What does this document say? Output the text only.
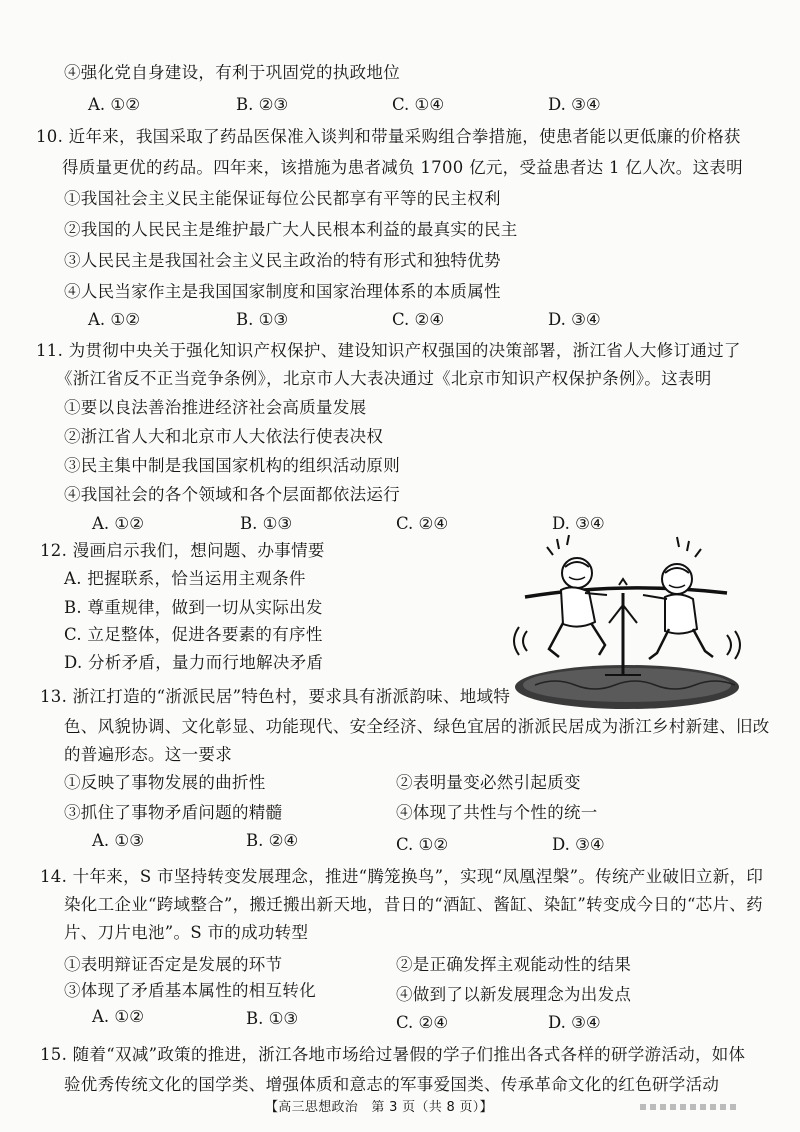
④强化党自身建设，有利于巩固党的执政地位
A. ①②	B. ②③	C. ①④	D. ③④
10. 近年来，我国采取了药品医保准入谈判和带量采购组合拳措施，使患者能以更低廉的价格获
得质量更优的药品。四年来，该措施为患者减负 1700 亿元，受益患者达 1 亿人次。这表明
①我国社会主义民主能保证每位公民都享有平等的民主权利
②我国的人民民主是维护最广大人民根本利益的最真实的民主
③人民民主是我国社会主义民主政治的特有形式和独特优势
④人民当家作主是我国国家制度和国家治理体系的本质属性
A. ①②	B. ①③	C. ②④	D. ③④
11. 为贯彻中央关于强化知识产权保护、建设知识产权强国的决策部署，浙江省人大修订通过了
《浙江省反不正当竞争条例》，北京市人大表决通过《北京市知识产权保护条例》。这表明
①要以良法善治推进经济社会高质量发展
②浙江省人大和北京市人大依法行使表决权
③民主集中制是我国国家机构的组织活动原则
④我国社会的各个领域和各个层面都依法运行
A. ①②	B. ①③	C. ②④	D. ③④
12. 漫画启示我们，想问题、办事情要
A. 把握联系，恰当运用主观条件
B. 尊重规律，做到一切从实际出发
C. 立足整体，促进各要素的有序性
D. 分析矛盾，量力而行地解决矛盾
13. 浙江打造的“浙派民居”特色村，要求具有浙派韵味、地域特
色、风貌协调、文化彰显、功能现代、安全经济、绿色宜居的浙派民居成为浙江乡村新建、旧改
的普遍形态。这一要求
①反映了事物发展的曲折性	②表明量变必然引起质变
③抓住了事物矛盾问题的精髓	④体现了共性与个性的统一
A. ①③	B. ②④	C. ①②	D. ③④
14. 十年来，S 市坚持转变发展理念，推进“腾笼换鸟”，实现“凤凰涅槃”。传统产业破旧立新，印
染化工企业“跨域整合”，搬迁搬出新天地，昔日的“酒缸、酱缸、染缸”转变成今日的“芯片、药
片、刀片电池”。S 市的成功转型
①表明辩证否定是发展的环节	②是正确发挥主观能动性的结果
③体现了矛盾基本属性的相互转化	④做到了以新发展理念为出发点
A. ①②	B. ①③	C. ②④	D. ③④
15. 随着“双减”政策的推进，浙江各地市场给过暑假的学子们推出各式各样的研学游活动，如体
验优秀传统文化的国学类、增强体质和意志的军事爱国类、传承革命文化的红色研学活动
【高三思想政治　第 3 页（共 8 页）】
